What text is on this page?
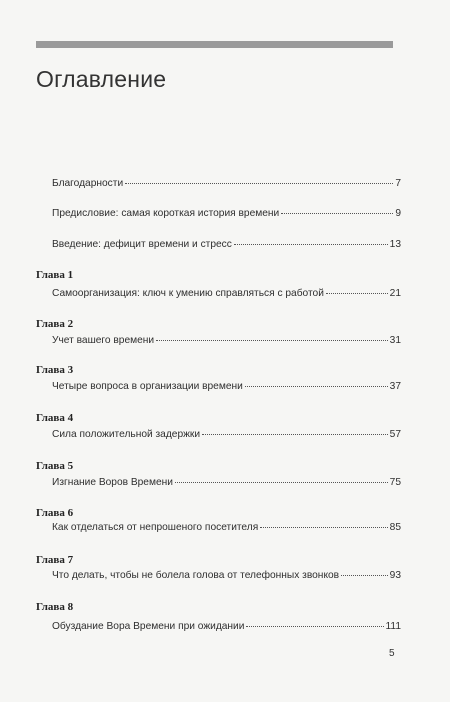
Оглавление
Благодарности	7
Предисловие: самая короткая история времени	9
Введение: дефицит времени и стресс	13
Глава 1
Самоорганизация: ключ к умению справляться с работой	21
Глава 2
Учет вашего времени	31
Глава 3
Четыре вопроса в организации времени	37
Глава 4
Сила положительной задержки	57
Глава 5
Изгнание Воров Времени	75
Глава 6
Как отделаться от непрошеного посетителя	85
Глава 7
Что делать, чтобы не болела голова от телефонных звонков	93
Глава 8
Обуздание Вора Времени при ожидании	111
5
